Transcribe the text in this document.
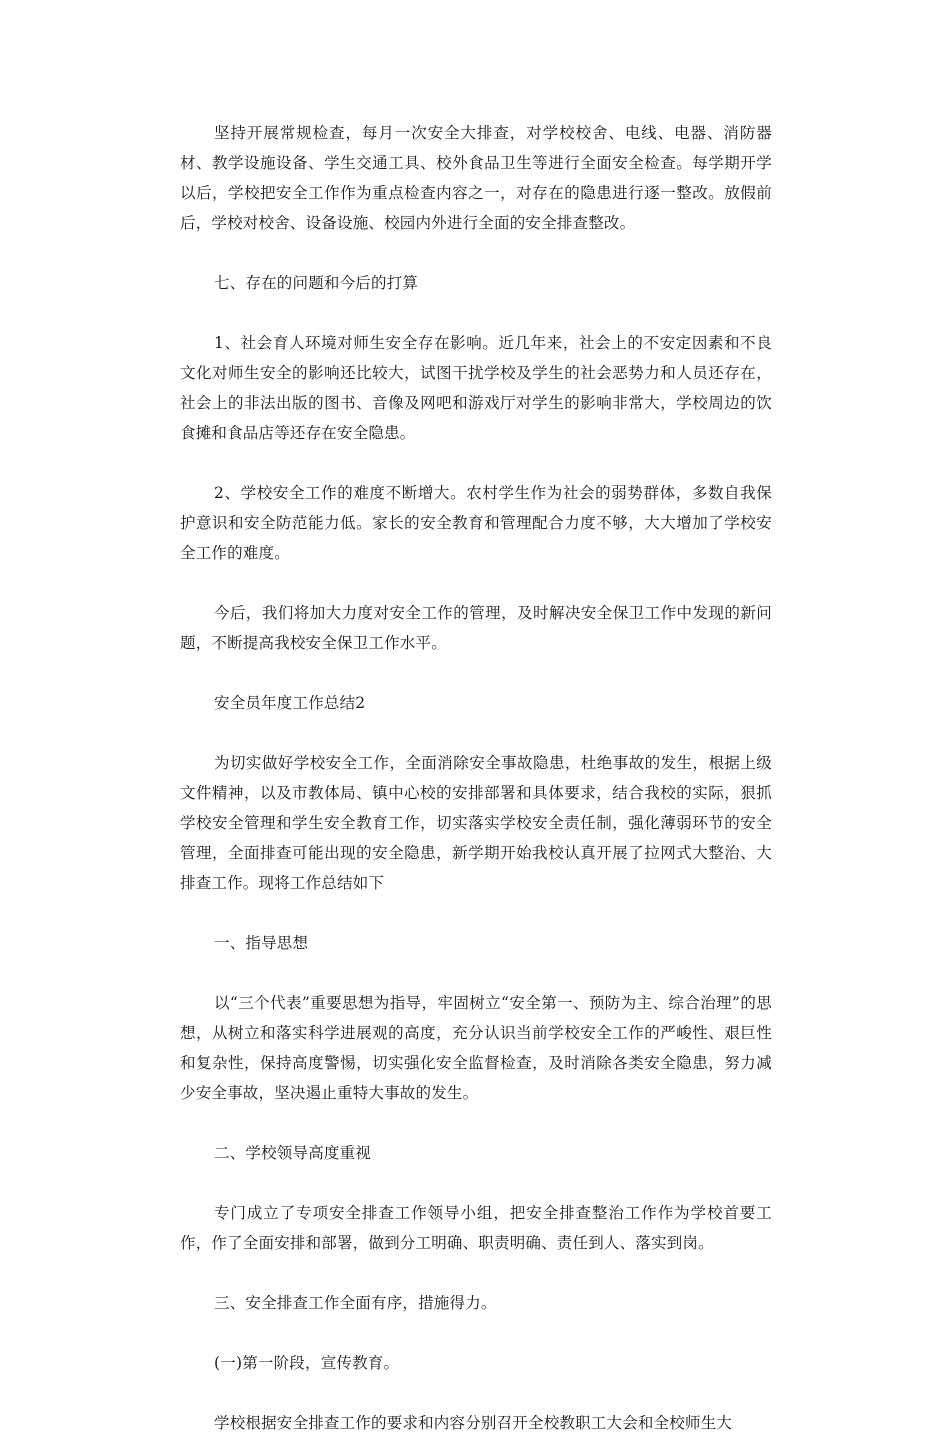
坚持开展常规检查，每月一次安全大排查，对学校校舍、电线、电器、消防器材、教学设施设备、学生交通工具、校外食品卫生等进行全面安全检查。每学期开学以后，学校把安全工作作为重点检查内容之一，对存在的隐患进行逐一整改。放假前后，学校对校舍、设备设施、校园内外进行全面的安全排查整改。

七、存在的问题和今后的打算

1、社会育人环境对师生安全存在影响。近几年来，社会上的不安定因素和不良文化对师生安全的影响还比较大，试图干扰学校及学生的社会恶势力和人员还存在，社会上的非法出版的图书、音像及网吧和游戏厅对学生的影响非常大，学校周边的饮食摊和食品店等还存在安全隐患。

2、学校安全工作的难度不断增大。农村学生作为社会的弱势群体，多数自我保护意识和安全防范能力低。家长的安全教育和管理配合力度不够，大大增加了学校安全工作的难度。

今后，我们将加大力度对安全工作的管理，及时解决安全保卫工作中发现的新问题，不断提高我校安全保卫工作水平。

安全员年度工作总结2

为切实做好学校安全工作，全面消除安全事故隐患，杜绝事故的发生，根据上级文件精神，以及市教体局、镇中心校的安排部署和具体要求，结合我校的实际，狠抓学校安全管理和学生安全教育工作，切实落实学校安全责任制，强化薄弱环节的安全管理，全面排查可能出现的安全隐患，新学期开始我校认真开展了拉网式大整治、大排查工作。现将工作总结如下

一、指导思想

以“三个代表”重要思想为指导，牢固树立“安全第一、预防为主、综合治理”的思想，从树立和落实科学进展观的高度，充分认识当前学校安全工作的严峻性、艰巨性和复杂性，保持高度警惕，切实强化安全监督检查，及时消除各类安全隐患，努力减少安全事故，坚决遏止重特大事故的发生。

二、学校领导高度重视

专门成立了专项安全排查工作领导小组，把安全排查整治工作作为学校首要工作，作了全面安排和部署，做到分工明确、职责明确、责任到人、落实到岗。

三、安全排查工作全面有序，措施得力。

(一)第一阶段，宣传教育。

学校根据安全排查工作的要求和内容分别召开全校教职工大会和全校师生大
